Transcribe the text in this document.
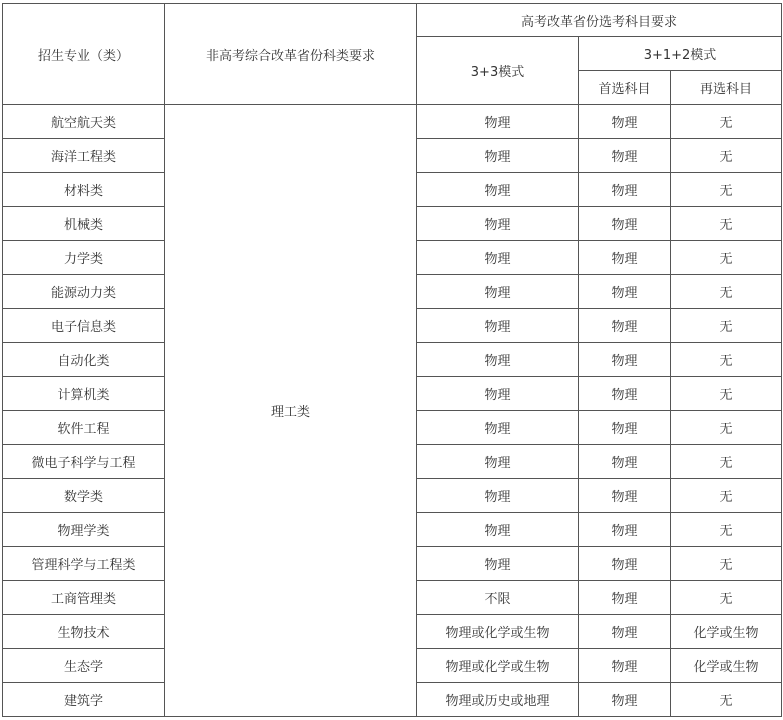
招生专业（类）	非高考综合改革省份科类要求	高考改革省份选考科目要求		
		3+3模式	3+1+2模式	
			首选科目	再选科目
航空航天类	理工类	物理	物理	无
海洋工程类		物理	物理	无
材料类		物理	物理	无
机械类		物理	物理	无
力学类		物理	物理	无
能源动力类		物理	物理	无
电子信息类		物理	物理	无
自动化类		物理	物理	无
计算机类		物理	物理	无
软件工程		物理	物理	无
微电子科学与工程		物理	物理	无
数学类		物理	物理	无
物理学类		物理	物理	无
管理科学与工程类		物理	物理	无
工商管理类		不限	物理	无
生物技术		物理或化学或生物	物理	化学或生物
生态学		物理或化学或生物	物理	化学或生物
建筑学		物理或历史或地理	物理	无
